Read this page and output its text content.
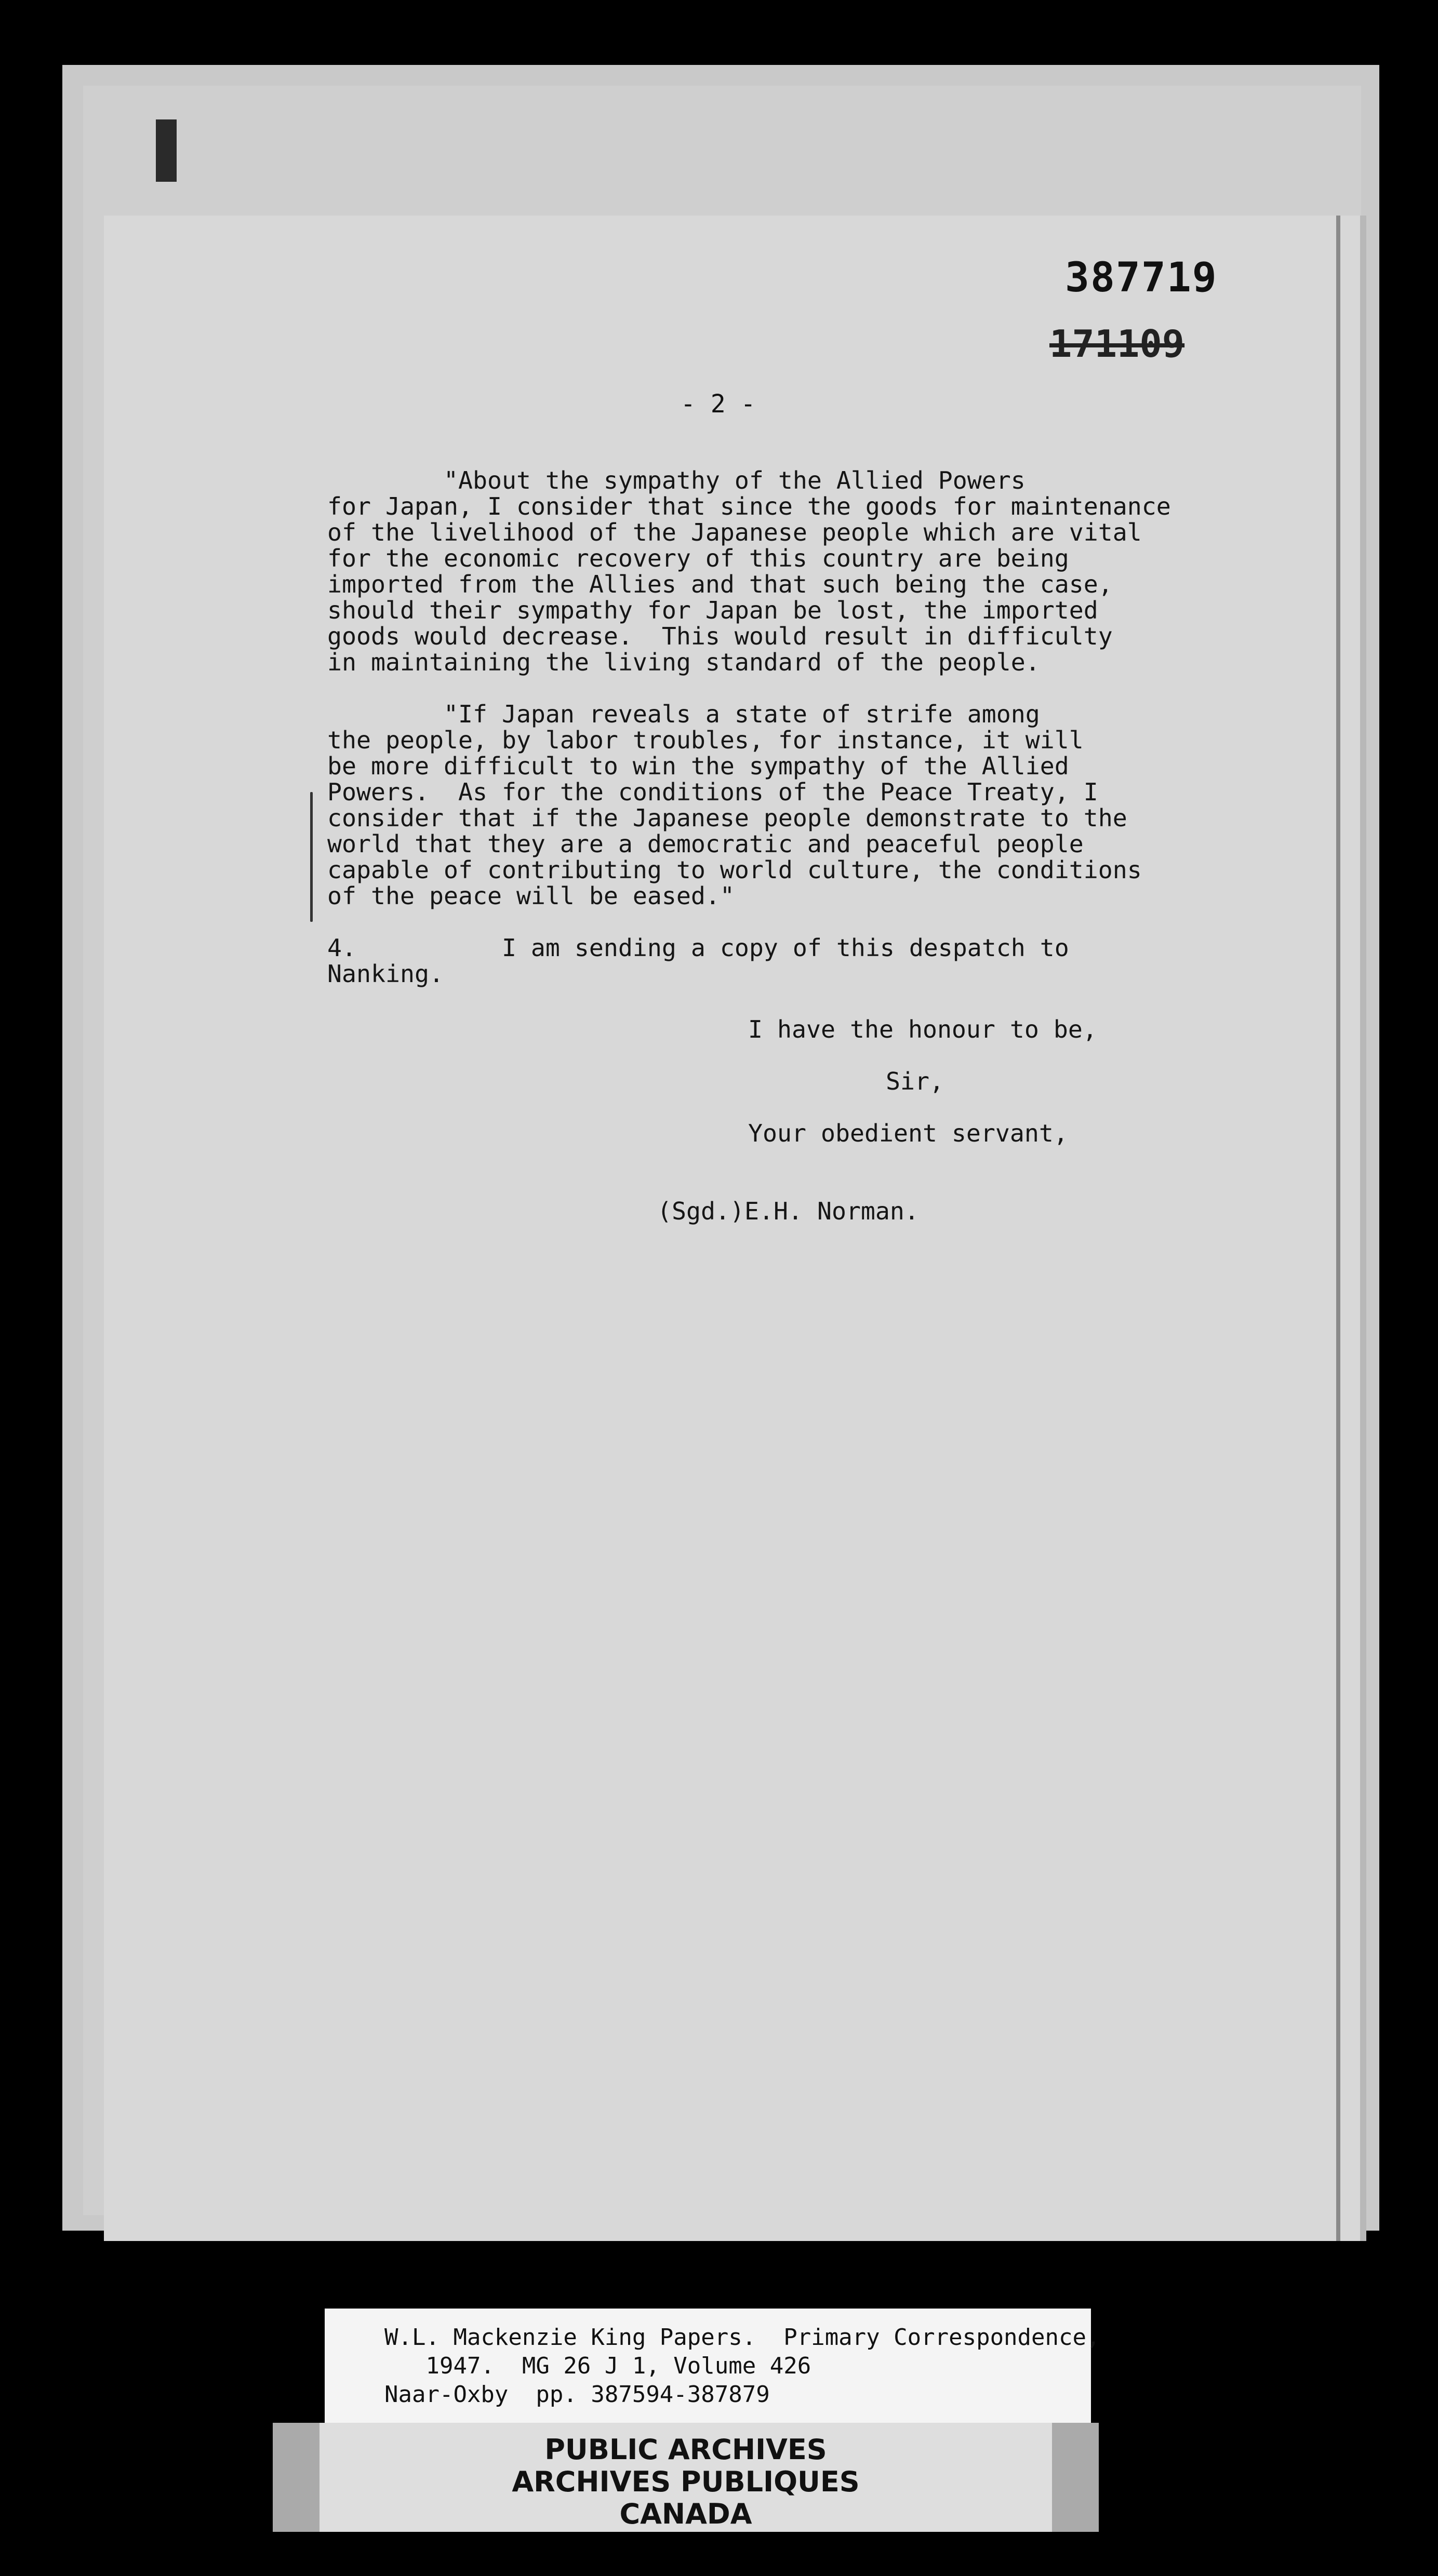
387719
171109
- 2 -

"About the sympathy of the Allied Powers
for Japan, I consider that since the goods for maintenance
of the livelihood of the Japanese people which are vital
for the economic recovery of this country are being
imported from the Allies and that such being the case,
should their sympathy for Japan be lost, the imported
goods would decrease.  This would result in difficulty
in maintaining the living standard of the people.

"If Japan reveals a state of strife among
the people, by labor troubles, for instance, it will
be more difficult to win the sympathy of the Allied
Powers.  As for the conditions of the Peace Treaty, I
consider that if the Japanese people demonstrate to the
world that they are a democratic and peaceful people
capable of contributing to world culture, the conditions
of the peace will be eased."

4.          I am sending a copy of this despatch to
Nanking.

I have the honour to be,
Sir,
Your obedient servant,
(Sgd.)E.H. Norman.
W.L. Mackenzie King Papers.  Primary Correspondence,
1947.  MG 26 J 1, Volume 426
Naar-Oxby  pp. 387594-387879
PUBLIC ARCHIVES
ARCHIVES PUBLIQUES
CANADA
